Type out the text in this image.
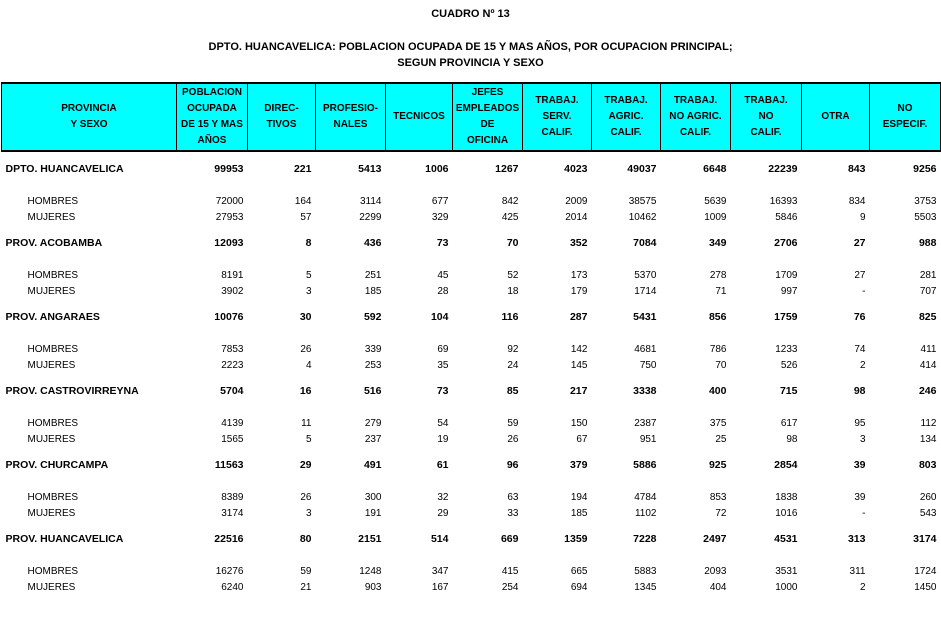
CUADRO Nº 13
DPTO. HUANCAVELICA: POBLACION OCUPADA DE 15 Y MAS AÑOS, POR OCUPACION PRINCIPAL;
SEGUN PROVINCIA Y SEXO
PROVINCIA
Y SEXO	POBLACION
OCUPADA
DE 15 Y MAS
AÑOS	DIREC-
TIVOS	PROFESIO-
NALES	TECNICOS	JEFES
EMPLEADOS
DE
OFICINA	TRABAJ.
SERV.
CALIF.	TRABAJ.
AGRIC.
CALIF.	TRABAJ.
NO AGRIC.
CALIF.	TRABAJ.
NO
CALIF.	OTRA	NO
ESPECIF.

DPTO. HUANCAVELICA	99953	221	5413	1006	1267	4023	49037	6648	22239	843	9256

HOMBRES	72000	164	3114	677	842	2009	38575	5639	16393	834	3753
MUJERES	27953	57	2299	329	425	2014	10462	1009	5846	9	5503

PROV. ACOBAMBA	12093	8	436	73	70	352	7084	349	2706	27	988

HOMBRES	8191	5	251	45	52	173	5370	278	1709	27	281
MUJERES	3902	3	185	28	18	179	1714	71	997	-	707

PROV. ANGARAES	10076	30	592	104	116	287	5431	856	1759	76	825

HOMBRES	7853	26	339	69	92	142	4681	786	1233	74	411
MUJERES	2223	4	253	35	24	145	750	70	526	2	414

PROV. CASTROVIRREYNA	5704	16	516	73	85	217	3338	400	715	98	246

HOMBRES	4139	11	279	54	59	150	2387	375	617	95	112
MUJERES	1565	5	237	19	26	67	951	25	98	3	134

PROV. CHURCAMPA	11563	29	491	61	96	379	5886	925	2854	39	803

HOMBRES	8389	26	300	32	63	194	4784	853	1838	39	260
MUJERES	3174	3	191	29	33	185	1102	72	1016	-	543

PROV. HUANCAVELICA	22516	80	2151	514	669	1359	7228	2497	4531	313	3174

HOMBRES	16276	59	1248	347	415	665	5883	2093	3531	311	1724
MUJERES	6240	21	903	167	254	694	1345	404	1000	2	1450
